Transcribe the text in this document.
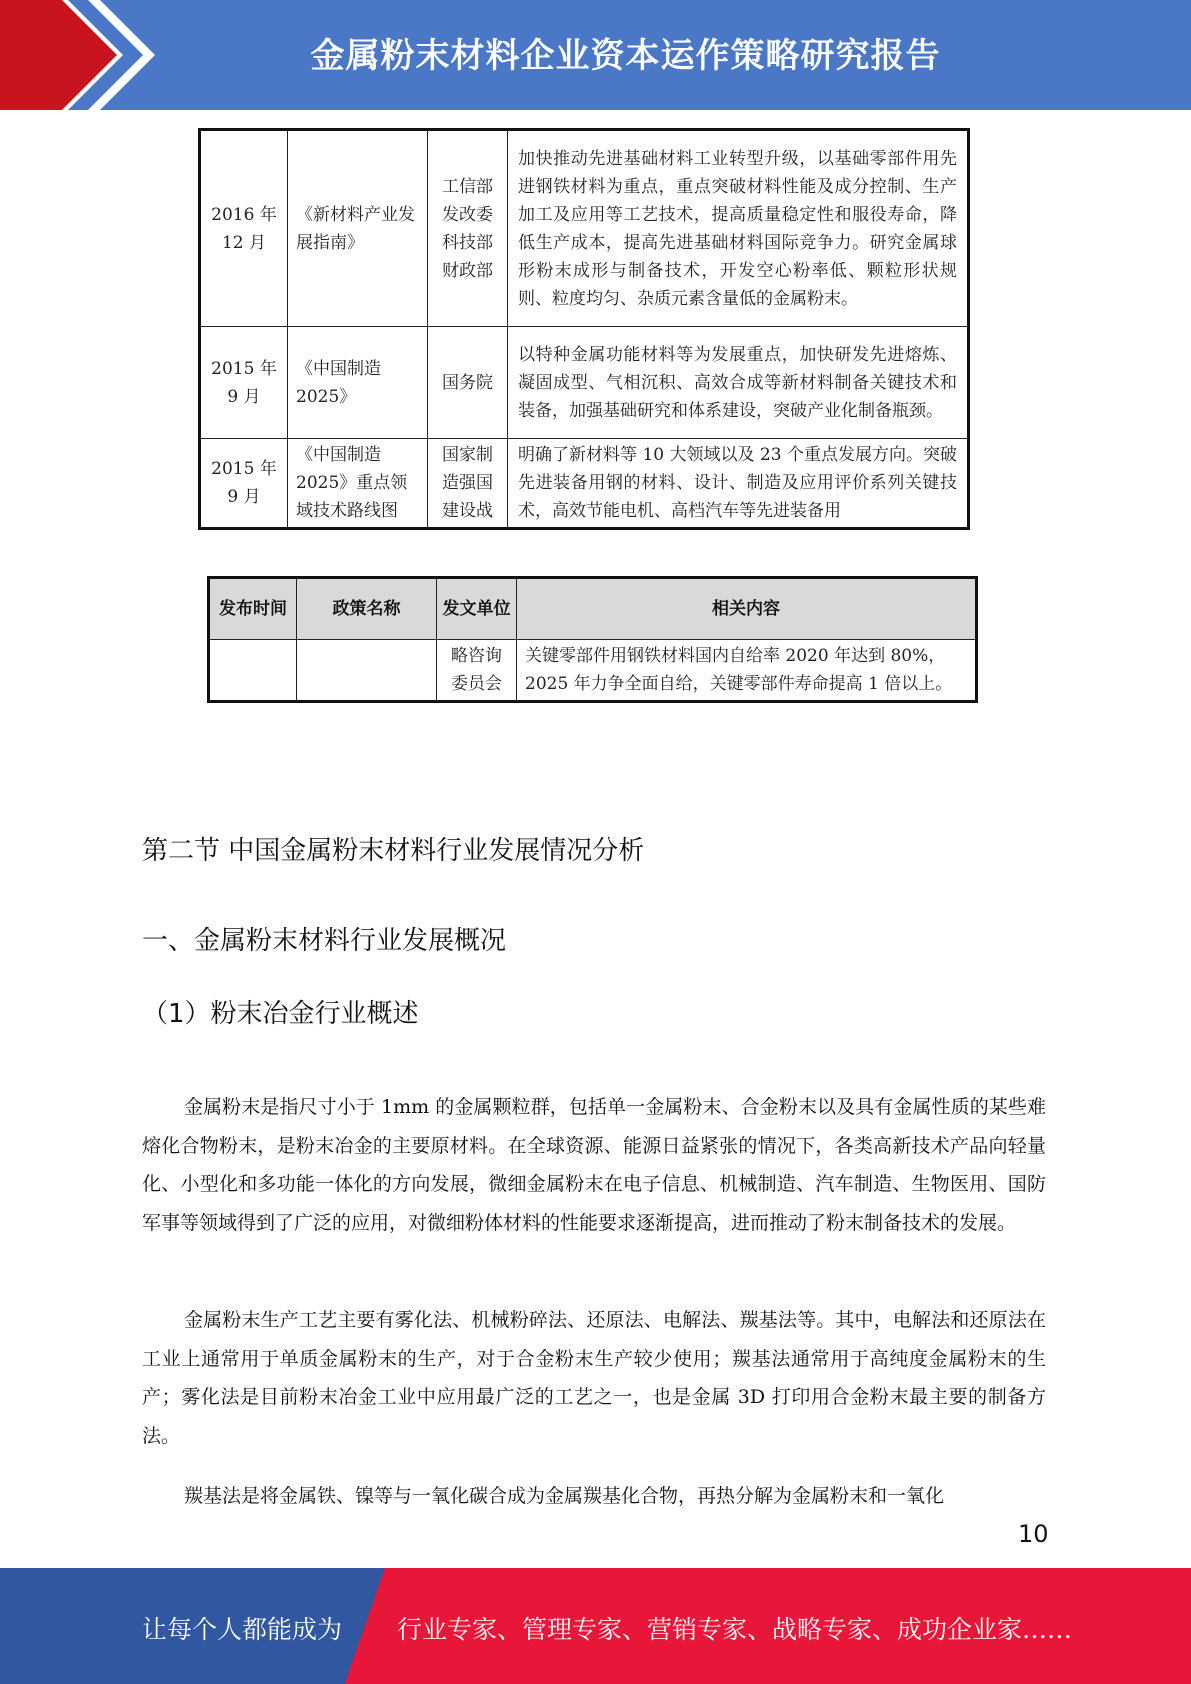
金属粉末材料企业资本运作策略研究报告
2016 年 12 月	《新材料产业发展指南》	工信部 发改委 科技部 财政部	加快推动先进基础材料工业转型升级，以基础零部件用先进钢铁材料为重点，重点突破材料性能及成分控制、生产加工及应用等工艺技术，提高质量稳定性和服役寿命，降低生产成本，提高先进基础材料国际竞争力。研究金属球形粉末成形与制备技术，开发空心粉率低、颗粒形状规则、粒度均匀、杂质元素含量低的金属粉末。
2015 年 9 月	《中国制造 2025》	国务院	以特种金属功能材料等为发展重点，加快研发先进熔炼、凝固成型、气相沉积、高效合成等新材料制备关键技术和装备，加强基础研究和体系建设，突破产业化制备瓶颈。
2015 年 9 月	《中国制造 2025》重点领域技术路线图	国家制 造强国 建设战	明确了新材料等 10 大领域以及 23 个重点发展方向。突破先进装备用钢的材料、设计、制造及应用评价系列关键技术，高效节能电机、高档汽车等先进装备用
发布时间	政策名称	发文单位	相关内容
		略咨询 委员会	关键零部件用钢铁材料国内自给率 2020 年达到 80%，2025 年力争全面自给，关键零部件寿命提高 1 倍以上。
第二节 中国金属粉末材料行业发展情况分析
一、金属粉末材料行业发展概况
（1）粉末冶金行业概述

金属粉末是指尺寸小于 1mm 的金属颗粒群，包括单一金属粉末、合金粉末以及具有金属性质的某些难熔化合物粉末，是粉末冶金的主要原材料。在全球资源、能源日益紧张的情况下，各类高新技术产品向轻量化、小型化和多功能一体化的方向发展，微细金属粉末在电子信息、机械制造、汽车制造、生物医用、国防军事等领域得到了广泛的应用，对微细粉体材料的性能要求逐渐提高，进而推动了粉末制备技术的发展。

金属粉末生产工艺主要有雾化法、机械粉碎法、还原法、电解法、羰基法等。其中，电解法和还原法在工业上通常用于单质金属粉末的生产，对于合金粉末生产较少使用；羰基法通常用于高纯度金属粉末的生产；雾化法是目前粉末冶金工业中应用最广泛的工艺之一，也是金属 3D 打印用合金粉末最主要的制备方法。

羰基法是将金属铁、镍等与一氧化碳合成为金属羰基化合物，再热分解为金属粉末和一氧化

10
让每个人都能成为 行业专家、管理专家、营销专家、战略专家、成功企业家……
